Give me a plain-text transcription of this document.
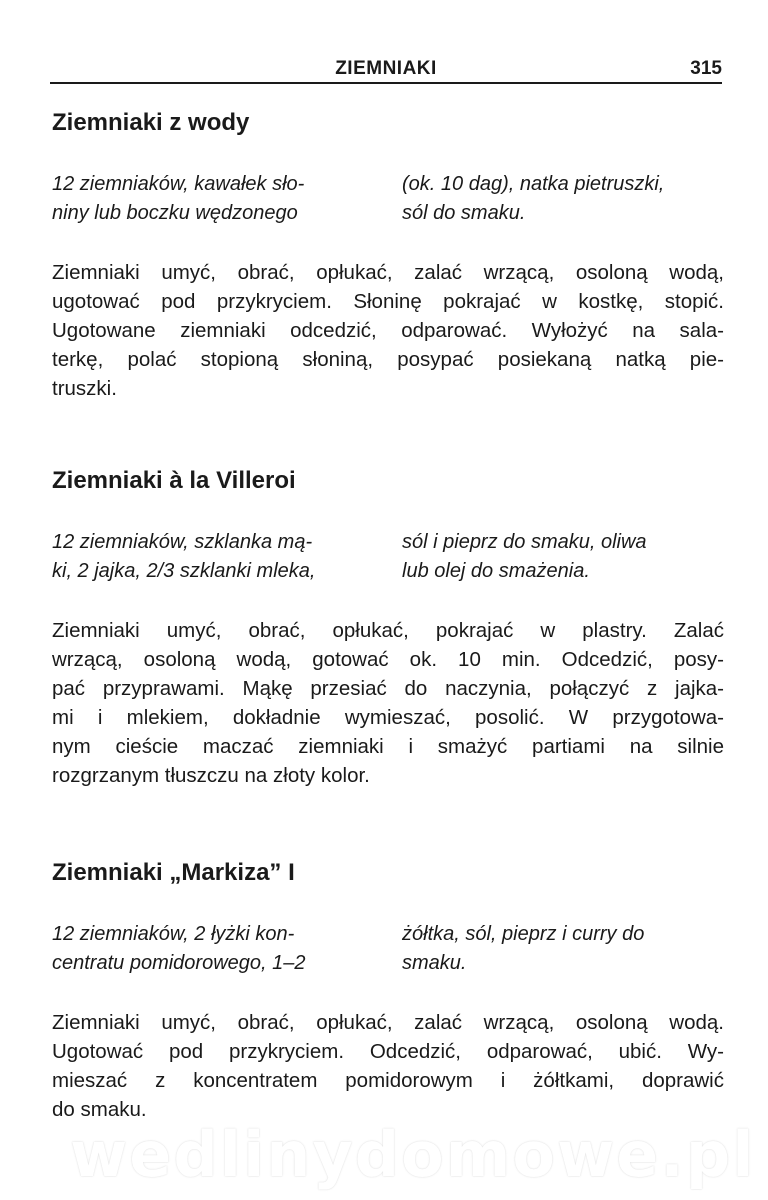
ZIEMNIAKI	315
Ziemniaki z wody

12 ziemniaków, kawałek sło-

niny lub boczku wędzonego

(ok. 10 dag), natka pietruszki,

sól do smaku.

Ziemniaki umyć, obrać, opłukać, zalać wrzącą, osoloną wodą,

ugotować pod przykryciem. Słoninę pokrajać w kostkę, stopić.

Ugotowane ziemniaki odcedzić, odparować. Wyłożyć na sala-

terkę, polać stopioną słoniną, posypać posiekaną natką pie-

truszki.

Ziemniaki à la Villeroi

12 ziemniaków, szklanka mą-

ki, 2 jajka, 2/3 szklanki mleka,

sól i pieprz do smaku, oliwa

lub olej do smażenia.

Ziemniaki umyć, obrać, opłukać, pokrajać w plastry. Zalać

wrzącą, osoloną wodą, gotować ok. 10 min. Odcedzić, posy-

pać przyprawami. Mąkę przesiać do naczynia, połączyć z jajka-

mi i mlekiem, dokładnie wymieszać, posolić. W przygotowa-

nym cieście maczać ziemniaki i smażyć partiami na silnie

rozgrzanym tłuszczu na złoty kolor.

Ziemniaki „Markiza” I

12 ziemniaków, 2 łyżki kon-

centratu pomidorowego, 1–2

żółtka, sól, pieprz i curry do

smaku.

Ziemniaki umyć, obrać, opłukać, zalać wrzącą, osoloną wodą.

Ugotować pod przykryciem. Odcedzić, odparować, ubić. Wy-

mieszać z koncentratem pomidorowym i żółtkami, doprawić

do smaku.

wedlinydomowe.pl
